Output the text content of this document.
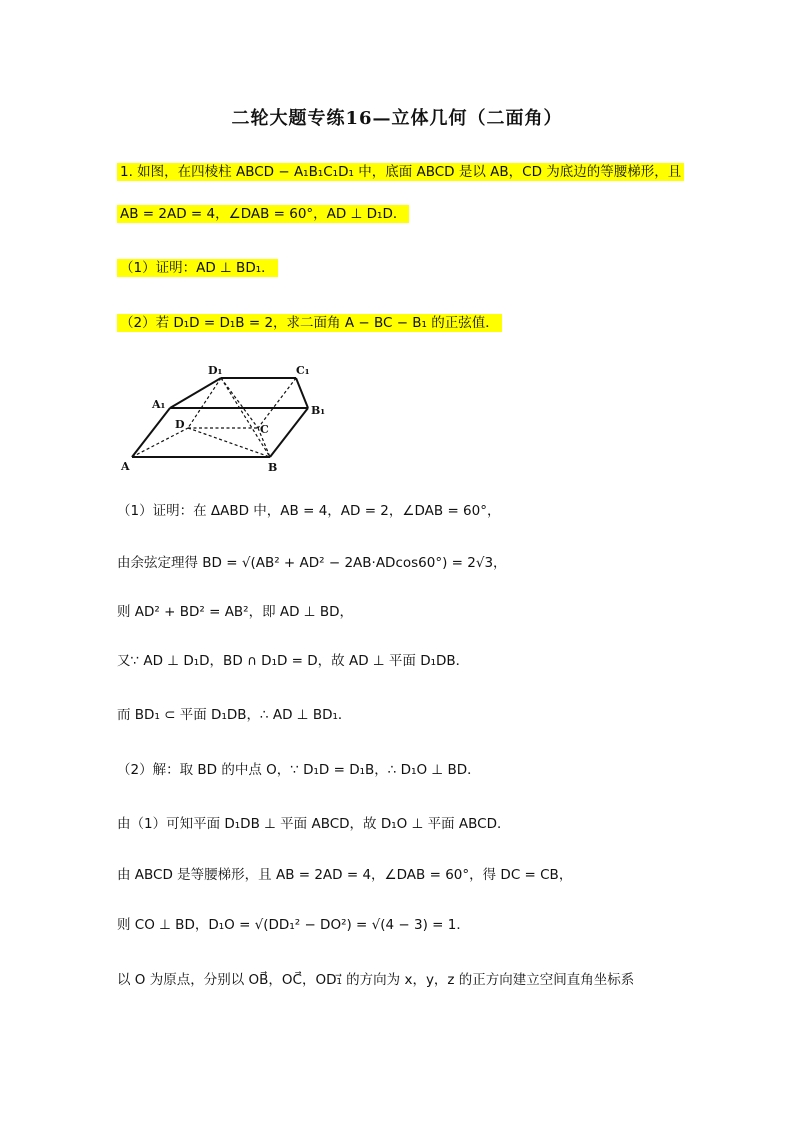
二轮大题专练16—立体几何（二面角）
1. 如图，在四棱柱 ABCD − A₁B₁C₁D₁ 中，底面 ABCD 是以 AB，CD 为底边的等腰梯形，且
AB = 2AD = 4，∠DAB = 60°，AD ⊥ D₁D．
（1）证明：AD ⊥ BD₁．
（2）若 D₁D = D₁B = 2，求二面角 A − BC − B₁ 的正弦值．
D₁	C₁
A₁	B₁
D	C
A	B
（1）证明：在 ΔABD 中，AB = 4，AD = 2，∠DAB = 60°，
由余弦定理得 BD = √(AB² + AD² − 2AB·ADcos60°) = 2√3，
则 AD² + BD² = AB²，即 AD ⊥ BD，
又∵ AD ⊥ D₁D，BD ∩ D₁D = D，故 AD ⊥ 平面 D₁DB．
而 BD₁ ⊂ 平面 D₁DB，∴ AD ⊥ BD₁．
（2）解：取 BD 的中点 O，∵ D₁D = D₁B，∴ D₁O ⊥ BD．
由（1）可知平面 D₁DB ⊥ 平面 ABCD，故 D₁O ⊥ 平面 ABCD．
由 ABCD 是等腰梯形，且 AB = 2AD = 4，∠DAB = 60°，得 DC = CB，
则 CO ⊥ BD，D₁O = √(DD₁² − DO²) = √(4 − 3) = 1．
以 O 为原点，分别以 OB⃗，OC⃗，OD₁⃗ 的方向为 x，y，z 的正方向建立空间直角坐标系
